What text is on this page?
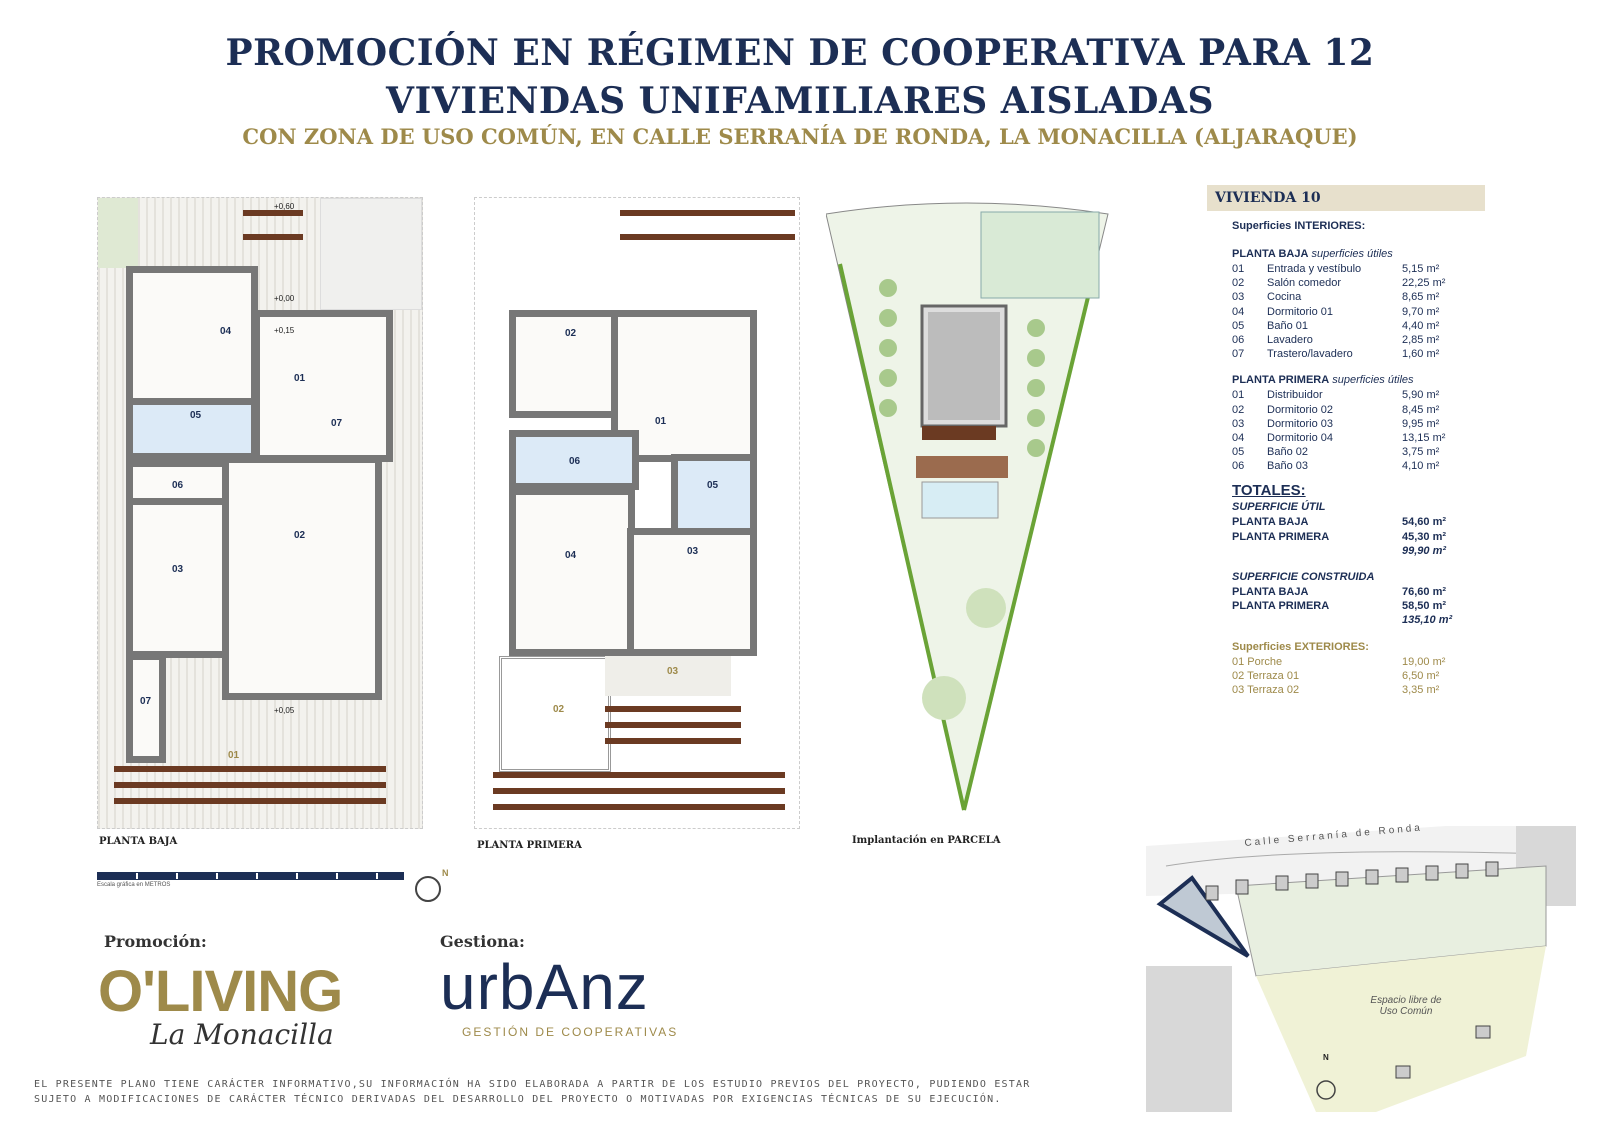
PROMOCIÓN EN RÉGIMEN DE COOPERATIVA PARA 12
VIVIENDAS UNIFAMILIARES AISLADAS
CON ZONA DE USO COMÚN, EN CALLE SERRANÍA DE RONDA, LA MONACILLA (ALJARAQUE)
04
01
05
07
06
02
03
07
01
+0,60
+0,00
+0,15
+0,05
PLANTA BAJA
02
01
06
05
04	03
03
02
PLANTA PRIMERA	Implantación en PARCELA
Escala gráfica en METROS
N
VIVIENDA 10
Superficies INTERIORES:
PLANTA BAJA superficies útiles
01 Entrada y vestíbulo	5,15 m²
02 Salón comedor	22,25 m²
03 Cocina	8,65 m²
04 Dormitorio 01	9,70 m²
05 Baño 01	4,40 m²
06 Lavadero	2,85 m²
07 Trastero/lavadero	1,60 m²
PLANTA PRIMERA superficies útiles
01 Distribuidor	5,90 m²
02 Dormitorio 02	8,45 m²
03 Dormitorio 03	9,95 m²
04 Dormitorio 04	13,15 m²
05 Baño 02	3,75 m²
06 Baño 03	4,10 m²
TOTALES:
SUPERFICIE ÚTIL
PLANTA BAJA	54,60 m²
PLANTA PRIMERA	45,30 m²
99,90 m²
SUPERFICIE CONSTRUIDA
PLANTA BAJA	76,60 m²
PLANTA PRIMERA	58,50 m²
135,10 m²
Superficies EXTERIORES:
01 Porche	19,00 m²
02 Terraza 01	6,50 m²
03 Terraza 02	3,35 m²
Promoción:
O'LIVING
La Monacilla
Gestiona:
urbAnz
GESTIÓN DE COOPERATIVAS
Calle Serranía de Ronda
Espacio libre de Uso Común
N
EL PRESENTE PLANO TIENE CARÁCTER INFORMATIVO,SU INFORMACIÓN HA SIDO ELABORADA A PARTIR DE LOS ESTUDIO PREVIOS DEL PROYECTO, PUDIENDO ESTAR
SUJETO A MODIFICACIONES DE CARÁCTER TÉCNICO DERIVADAS DEL DESARROLLO DEL PROYECTO O MOTIVADAS POR EXIGENCIAS TÉCNICAS DE SU EJECUCIÓN.
